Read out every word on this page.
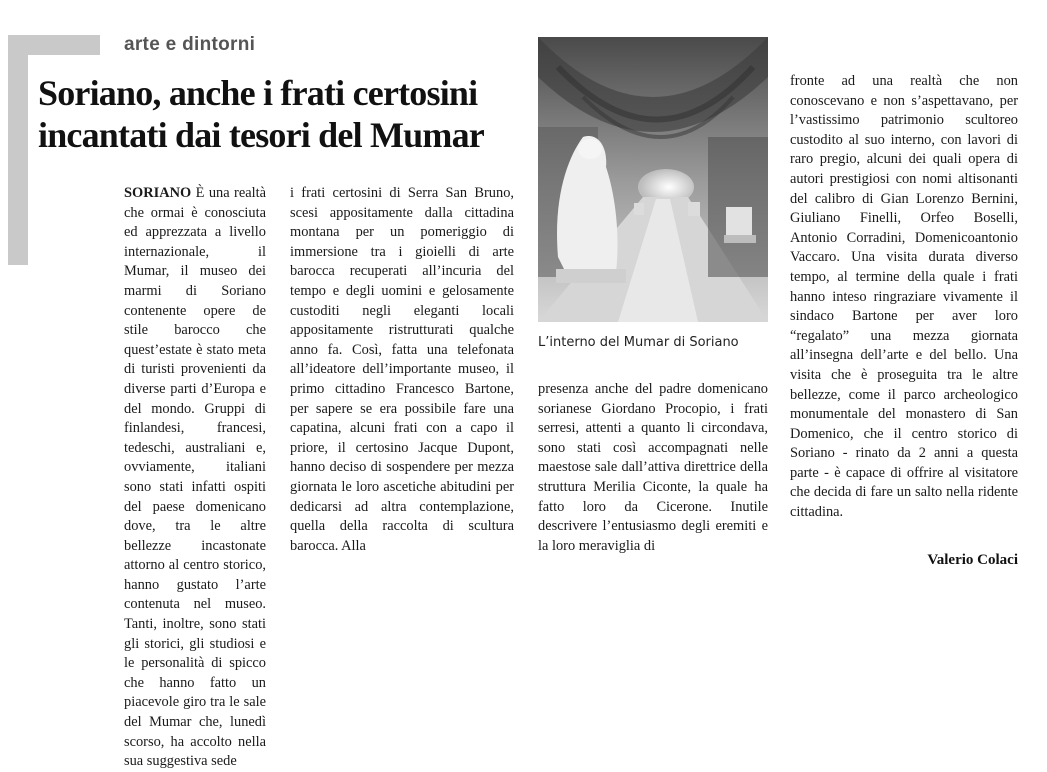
arte e dintorni
Soriano, anche i frati certosini
incantati dai tesori del Mumar

SORIANO È una realtà che ormai è conosciuta ed apprezzata a livello internazionale, il Mumar, il museo dei marmi di Soriano contenente opere de stile barocco che quest’estate è stato meta di turisti provenienti da diverse parti d’Europa e del mondo. Gruppi di finlandesi, francesi, tedeschi, australiani e, ovviamente, italiani sono stati infatti ospiti del paese domenicano dove, tra le altre bellezze incastonate attorno al centro storico, hanno gustato l’arte contenuta nel museo. Tanti, inoltre, sono stati gli storici, gli studiosi e le personalità di spicco che hanno fatto un piacevole giro tra le sale del Mumar che, lunedì scorso, ha accolto nella sua suggestiva sede

i frati certosini di Serra San Bruno, scesi appositamente dalla cittadina montana per un pomeriggio di immersione tra i gioielli di arte barocca recuperati all’incuria del tempo e degli uomini e gelosamente custoditi negli eleganti locali appositamente ristrutturati qualche anno fa. Così, fatta una telefonata all’ideatore dell’importante museo, il primo cittadino Francesco Bartone, per sapere se era possibile fare una capatina, alcuni frati con a capo il priore, il certosino Jacque Dupont, hanno deciso di sospendere per mezza giornata le loro ascetiche abitudini per dedicarsi ad altra contemplazione, quella della raccolta di scultura barocca. Alla

L’interno del Mumar di Soriano

presenza anche del padre domenicano sorianese Giordano Procopio, i frati serresi, attenti a quanto li circondava, sono stati così accompagnati nelle maestose sale dall’attiva direttrice della struttura Merilia Ciconte, la quale ha fatto loro da Cicerone. Inutile descrivere l’entusiasmo degli eremiti e la loro meraviglia di

fronte ad una realtà che non conoscevano e non s’aspettavano, per l’vastissimo patrimonio scultoreo custodito al suo interno, con lavori di raro pregio, alcuni dei quali opera di autori prestigiosi con nomi altisonanti del calibro di Gian Lorenzo Bernini, Giuliano Finelli, Orfeo Boselli, Antonio Corradini, Domenicoantonio Vaccaro. Una visita durata diverso tempo, al termine della quale i frati hanno inteso ringraziare vivamente il sindaco Bartone per aver loro “regalato” una mezza giornata all’insegna dell’arte e del bello. Una visita che è proseguita tra le altre bellezze, come il parco archeologico monumentale del monastero di San Domenico, che il centro storico di Soriano - rinato da 2 anni a questa parte - è capace di offrire al visitatore che decida di fare un salto nella ridente cittadina.

Valerio Colaci
